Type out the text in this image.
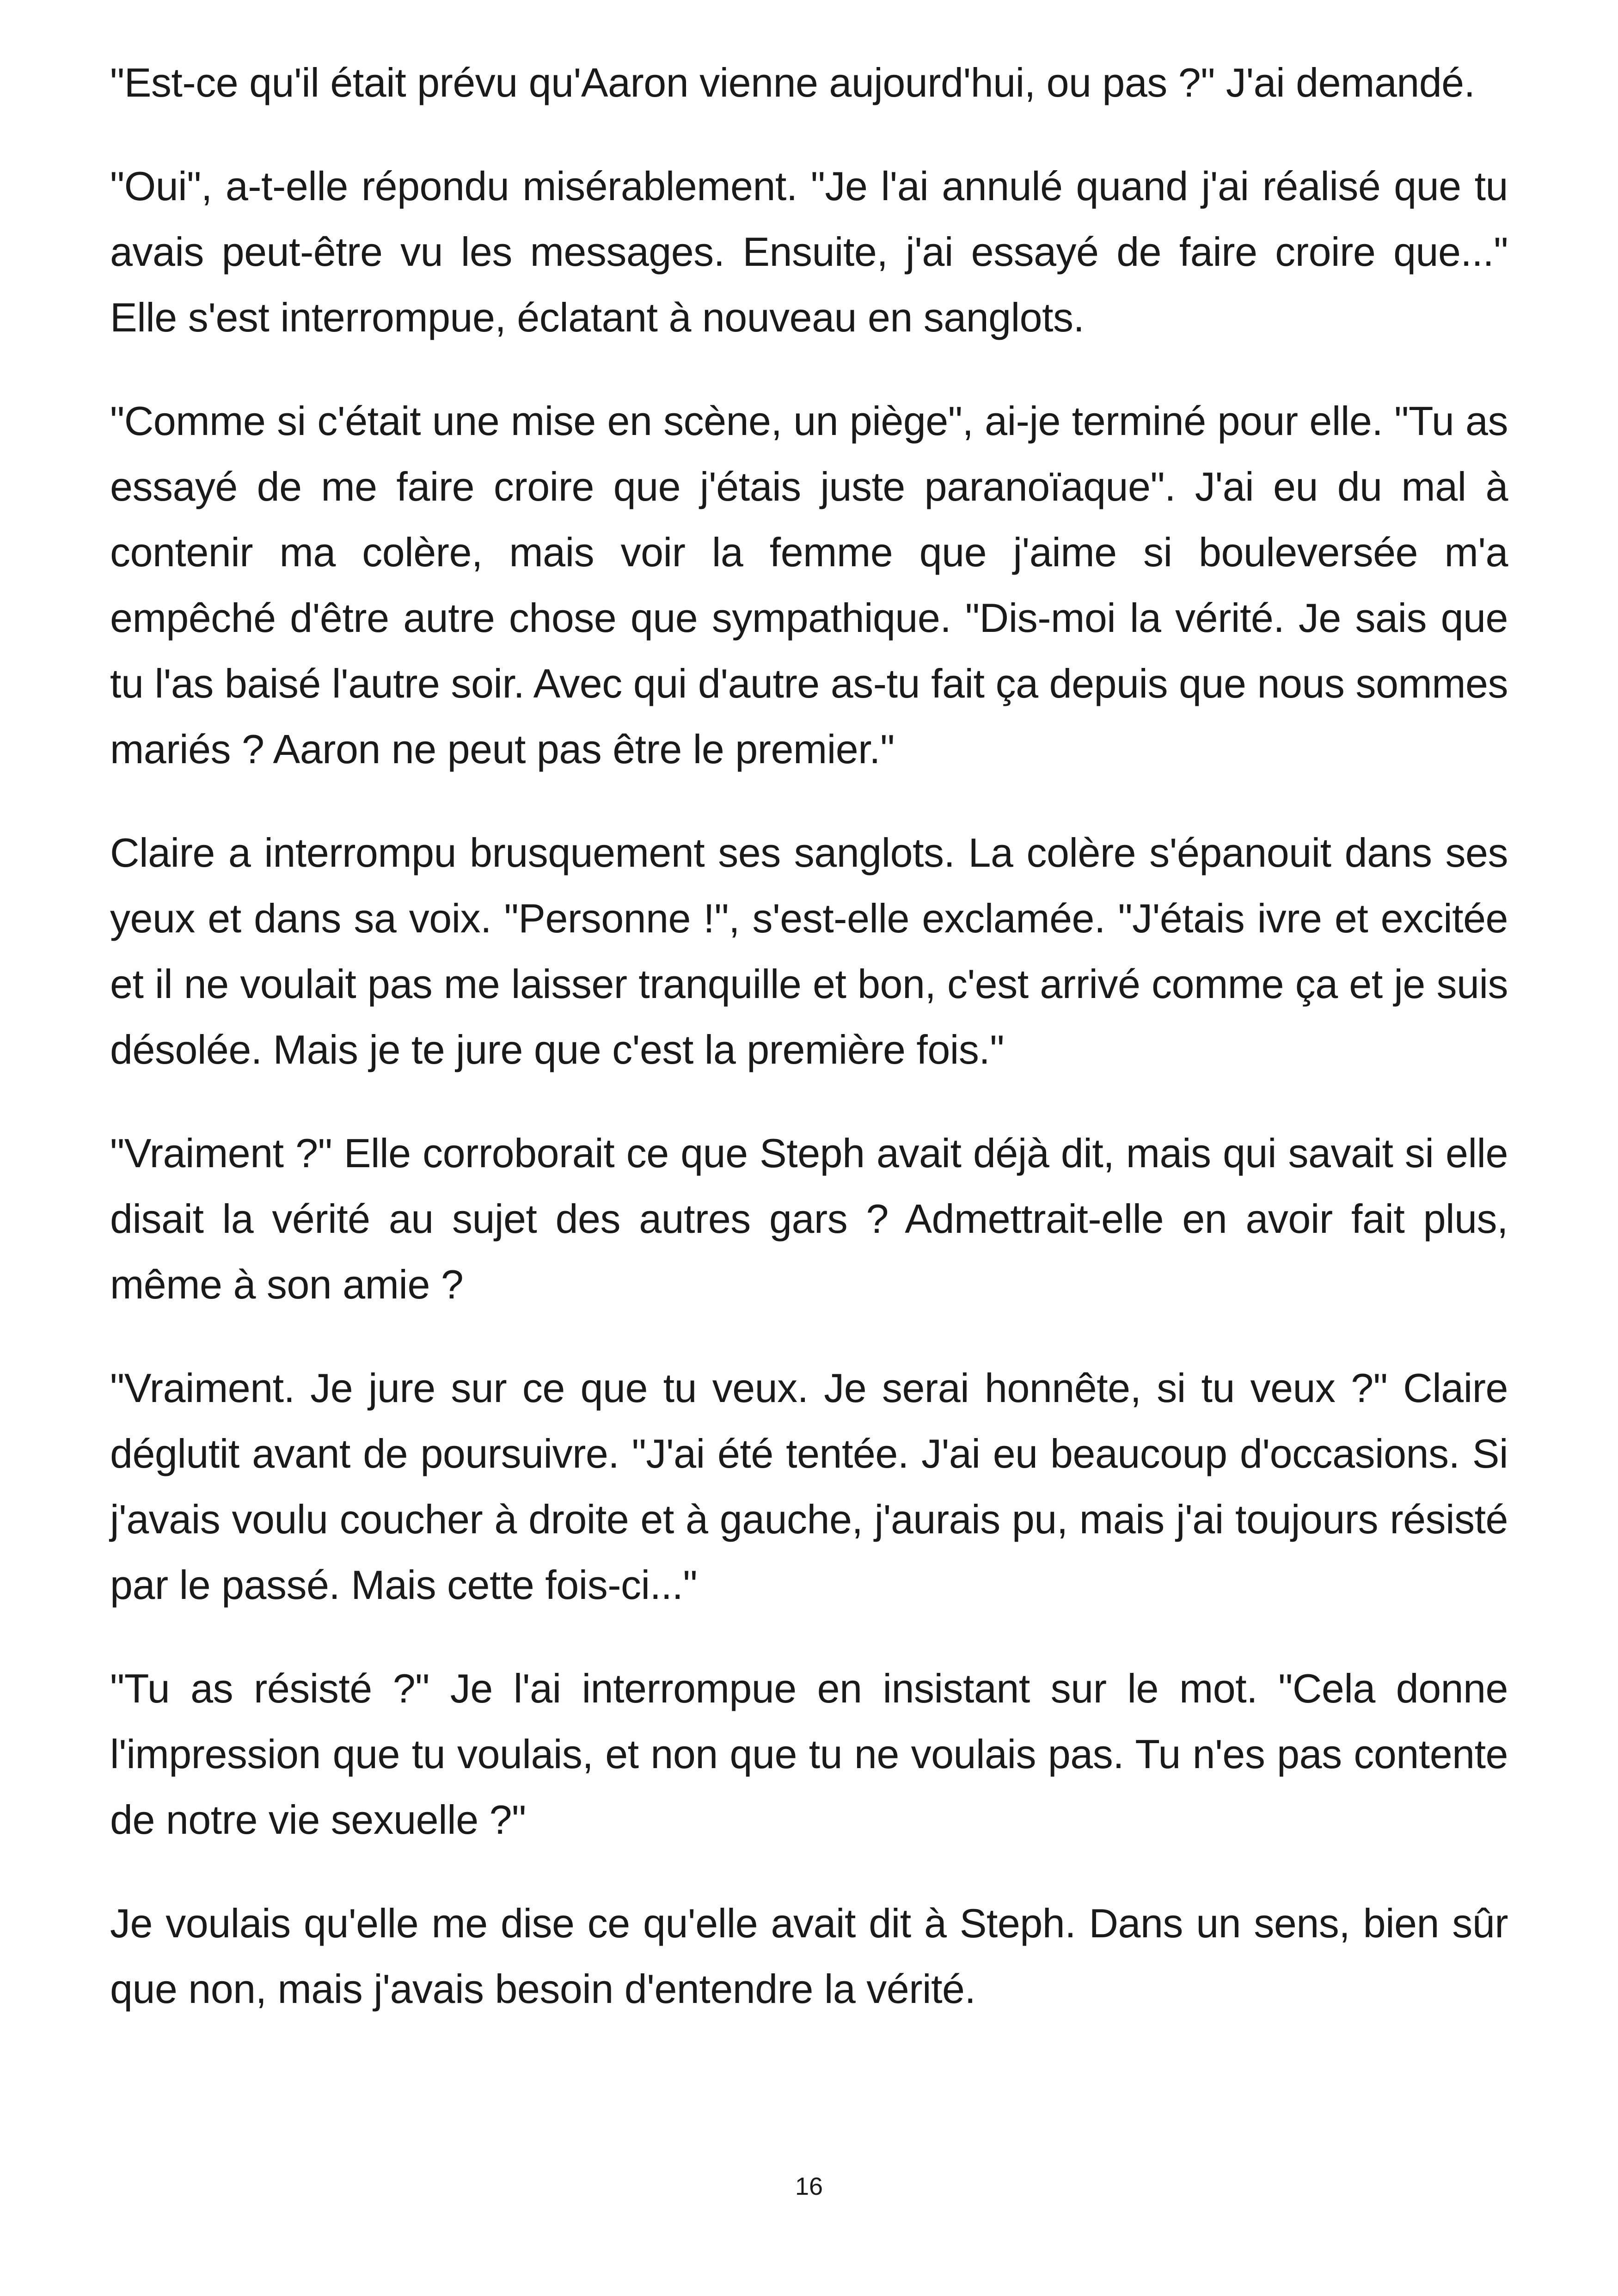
"Est-ce qu'il était prévu qu'Aaron vienne aujourd'hui, ou pas ?" J'ai demandé.

"Oui", a-t-elle répondu misérablement. "Je l'ai annulé quand j'ai réalisé que tu avais peut-être vu les messages. Ensuite, j'ai essayé de faire croire que..." Elle s'est interrompue, éclatant à nouveau en sanglots.

"Comme si c'était une mise en scène, un piège", ai-je terminé pour elle. "Tu as essayé de me faire croire que j'étais juste paranoïaque". J'ai eu du mal à contenir ma colère, mais voir la femme que j'aime si bouleversée m'a empêché d'être autre chose que sympathique. "Dis-moi la vérité. Je sais que tu l'as baisé l'autre soir. Avec qui d'autre as-tu fait ça depuis que nous sommes mariés ? Aaron ne peut pas être le premier."

Claire a interrompu brusquement ses sanglots. La colère s'épanouit dans ses yeux et dans sa voix. "Personne !", s'est-elle exclamée. "J'étais ivre et excitée et il ne voulait pas me laisser tranquille et bon, c'est arrivé comme ça et je suis désolée. Mais je te jure que c'est la première fois."

"Vraiment ?" Elle corroborait ce que Steph avait déjà dit, mais qui savait si elle disait la vérité au sujet des autres gars ? Admettrait-elle en avoir fait plus, même à son amie ?

"Vraiment. Je jure sur ce que tu veux. Je serai honnête, si tu veux ?" Claire déglutit avant de poursuivre. "J'ai été tentée. J'ai eu beaucoup d'occasions. Si j'avais voulu coucher à droite et à gauche, j'aurais pu, mais j'ai toujours résisté par le passé. Mais cette fois-ci..."

"Tu as résisté ?" Je l'ai interrompue en insistant sur le mot. "Cela donne l'impression que tu voulais, et non que tu ne voulais pas. Tu n'es pas contente de notre vie sexuelle ?"

Je voulais qu'elle me dise ce qu'elle avait dit à Steph. Dans un sens, bien sûr que non, mais j'avais besoin d'entendre la vérité.

16
